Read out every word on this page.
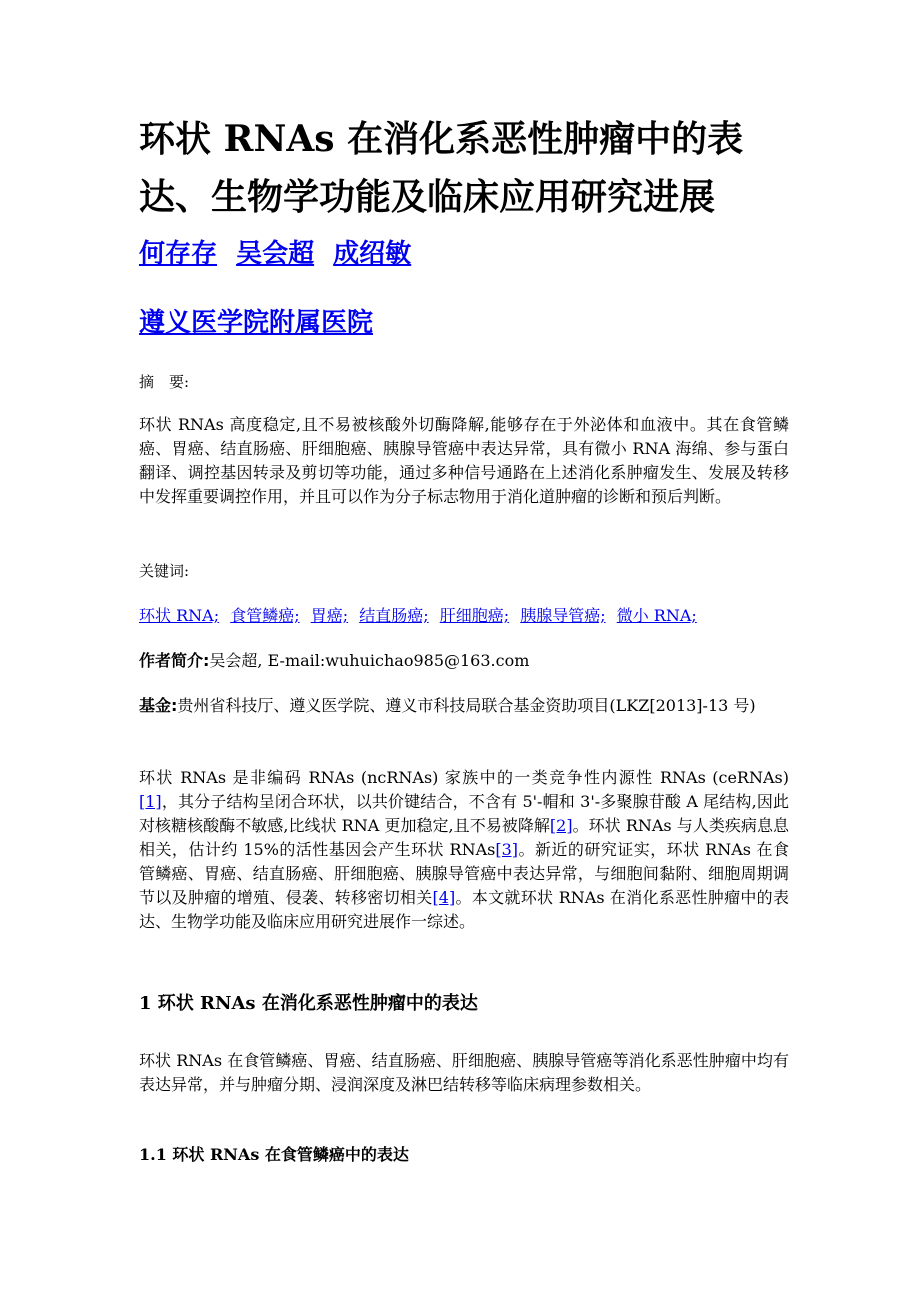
环状 RNAs 在消化系恶性肿瘤中的表达、生物学功能及临床应用研究进展
何存存 吴会超 成绍敏
遵义医学院附属医院
摘　要:
环状 RNAs 高度稳定,且不易被核酸外切酶降解,能够存在于外泌体和血液中。其在食管鳞癌、胃癌、结直肠癌、肝细胞癌、胰腺导管癌中表达异常，具有微小 RNA 海绵、参与蛋白翻译、调控基因转录及剪切等功能，通过多种信号通路在上述消化系肿瘤发生、发展及转移中发挥重要调控作用，并且可以作为分子标志物用于消化道肿瘤的诊断和预后判断。
关键词:
环状 RNA; 食管鳞癌; 胃癌; 结直肠癌; 肝细胞癌; 胰腺导管癌; 微小 RNA;
作者简介:吴会超, E-mail:wuhuichao985@163.com
基金:贵州省科技厅、遵义医学院、遵义市科技局联合基金资助项目(LKZ[2013]-13 号)
环状 RNAs 是非编码 RNAs (ncRNAs) 家族中的一类竞争性内源性 RNAs (ceRNAs)[1]，其分子结构呈闭合环状，以共价键结合，不含有 5'-帽和 3'-多聚腺苷酸 A 尾结构,因此对核糖核酸酶不敏感,比线状 RNA 更加稳定,且不易被降解[2]。环状 RNAs 与人类疾病息息相关，估计约 15%的活性基因会产生环状 RNAs[3]。新近的研究证实，环状 RNAs 在食管鳞癌、胃癌、结直肠癌、肝细胞癌、胰腺导管癌中表达异常，与细胞间黏附、细胞周期调节以及肿瘤的增殖、侵袭、转移密切相关[4]。本文就环状 RNAs 在消化系恶性肿瘤中的表达、生物学功能及临床应用研究进展作一综述。
1 环状 RNAs 在消化系恶性肿瘤中的表达
环状 RNAs 在食管鳞癌、胃癌、结直肠癌、肝细胞癌、胰腺导管癌等消化系恶性肿瘤中均有表达异常，并与肿瘤分期、浸润深度及淋巴结转移等临床病理参数相关。
1.1 环状 RNAs 在食管鳞癌中的表达
